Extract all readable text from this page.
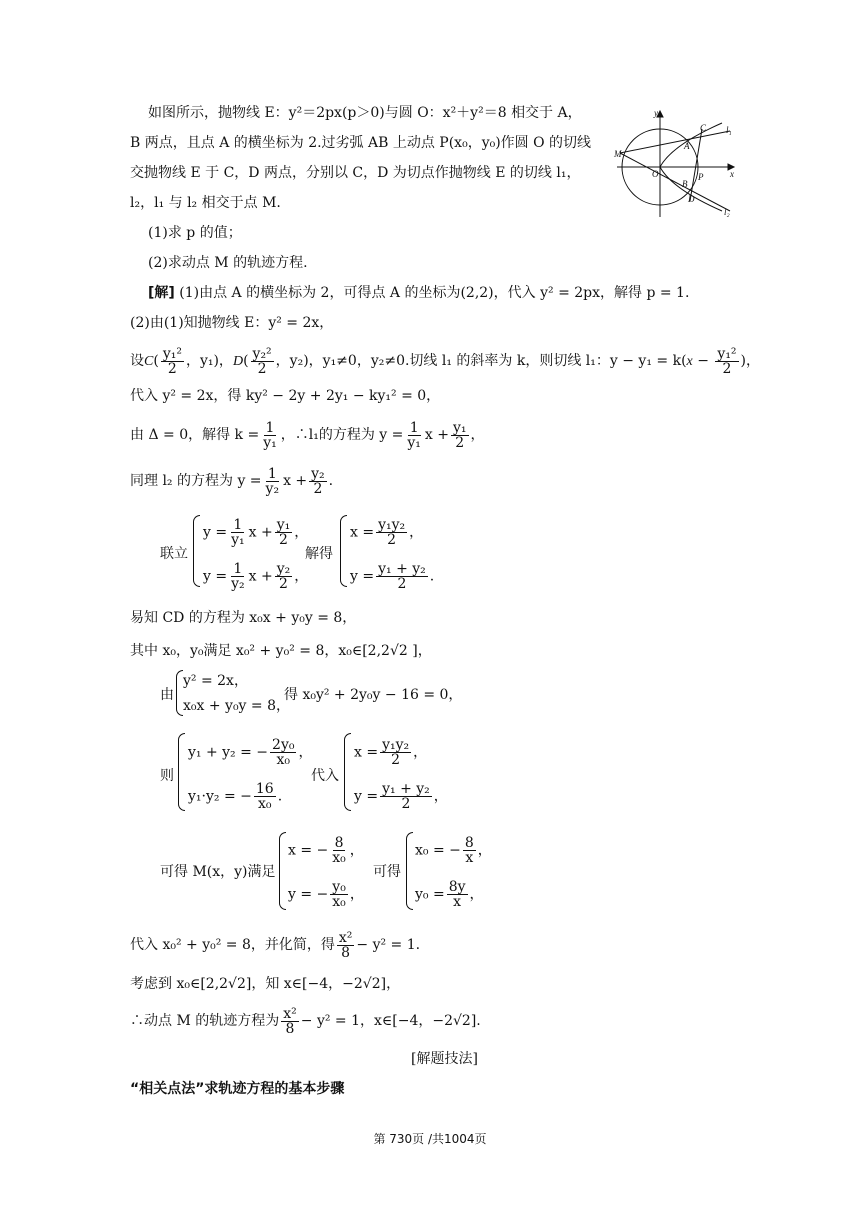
如图所示，抛物线 E：y²＝2px(p＞0)与圆 O：x²＋y²＝8 相交于 A，
B 两点，且点 A 的横坐标为 2.过劣弧 AB 上动点 P(x₀，y₀)作圆 O 的切线
交抛物线 E 于 C，D 两点，分别以 C，D 为切点作抛物线 E 的切线 l₁，
l₂，l₁ 与 l₂ 相交于点 M.
(1)求 p 的值；
(2)求动点 M 的轨迹方程.
y
C l₁
A
M
O	x
B
P
D
l₂
[解] (1)由点 A 的横坐标为 2，可得点 A 的坐标为(2,2)，代入 y² = 2px，解得 p = 1.
(2)由(1)知抛物线 E：y² = 2x，
设$C( \frac{\text{y₁²}}{2}$ ，y₁)，$D( \frac{\text{y₂²}}{2}$ ，y₂)，y₁≠0，y₂≠0.切线 l₁ 的斜率为 k，则切线 l₁：$y - y_1 = k(x - \frac{\text{y₁²}}{2}$ )，
代入 y² = 2x，得 ky² − 2y + 2y₁ − ky₁² = 0，
由 Δ = 0，解得 $k = \frac{1}{\text{y₁}}$ ，∴l₁的方程为 $y = \frac{1}{\text{y₁}}$ $x + \frac{\text{y₁}}{2}$ ，
同理 l₂ 的方程为 $y = \frac{1}{\text{y₂}}$ $x + \frac{\text{y₂}}{2}$ .
联立
$y = \frac{1}{\text{y₁}}$ $x + \frac{\text{y₁}}{2}$ ，
$y = \frac{1}{\text{y₂}}$ $x + \frac{\text{y₂}}{2}$ ，
解得
$x = \frac{\text{y₁y₂}}{2}$ ，
$y = \frac{\text{y₁ + y₂}}{2}$ .
易知 CD 的方程为 x₀x + y₀y = 8，
其中 x₀，y₀满足 x₀² + y₀² = 8，x₀∈[2,2√2 ]，
由
y² = 2x，
x₀x + y₀y = 8，
得 x₀y² + 2y₀y − 16 = 0，
则
y₁ + y₂ = − $\frac{\text{2y₀}}{\text{x₀}}$ ，
y₁·y₂ = − $\frac{16}{\text{x₀}}$ .
代入
$x = \frac{\text{y₁y₂}}{2}$ ，
$y = \frac{\text{y₁ + y₂}}{2}$ ，
可得 M(x，y)满足
x = − $\frac{8}{\text{x₀}}$ ，
y = − $\frac{\text{y₀}}{\text{x₀}}$ ，
可得
x₀ = − $\frac{8}{x}$ ，
$y_0 = \frac{8y}{x}$ ，
代入 x₀² + y₀² = 8，并化简，得 $\frac{\text{x²}}{8} - y^2 = 1$.
考虑到 x₀∈[2,2√2]，知 x∈[−4，−2√2]，
∴动点 M 的轨迹方程为 $\frac{\text{x²}}{8} - y^2 = 1$，x∈[−4，−2√2].
[解题技法]
“相关点法”求轨迹方程的基本步骤
第 730页 /共1004页
